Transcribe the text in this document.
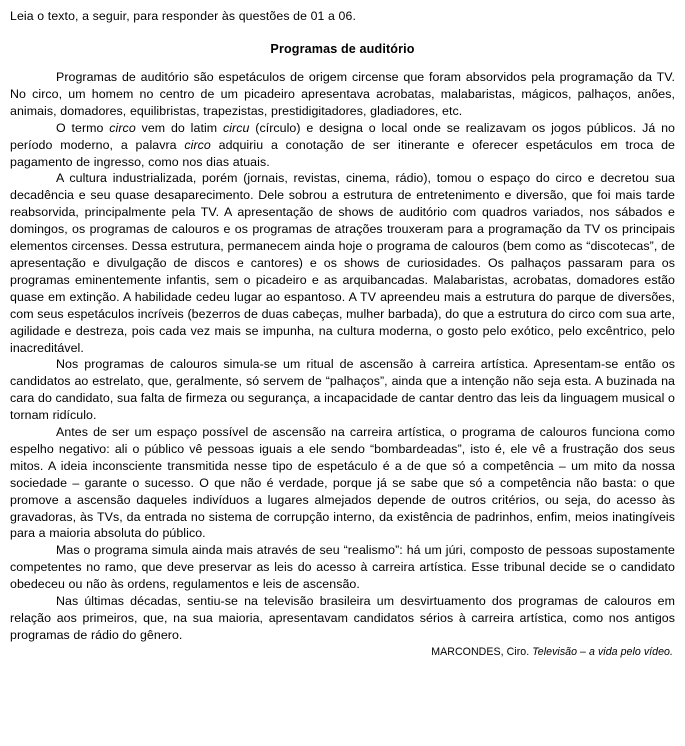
Leia o texto, a seguir, para responder às questões de 01 a 06.
Programas de auditório

Programas de auditório são espetáculos de origem circense que foram absorvidos pela programação da TV. No circo, um homem no centro de um picadeiro apresentava acrobatas, malabaristas, mágicos, palhaços, anões, animais, domadores, equilibristas, trapezistas, prestidigitadores, gladiadores, etc.

O termo circo vem do latim circu (círculo) e designa o local onde se realizavam os jogos públicos. Já no período moderno, a palavra circo adquiriu a conotação de ser itinerante e oferecer espetáculos em troca de pagamento de ingresso, como nos dias atuais.

A cultura industrializada, porém (jornais, revistas, cinema, rádio), tomou o espaço do circo e decretou sua decadência e seu quase desaparecimento. Dele sobrou a estrutura de entretenimento e diversão, que foi mais tarde reabsorvida, principalmente pela TV. A apresentação de shows de auditório com quadros variados, nos sábados e domingos, os programas de calouros e os programas de atrações trouxeram para a programação da TV os principais elementos circenses. Dessa estrutura, permanecem ainda hoje o programa de calouros (bem como as “discotecas”, de apresentação e divulgação de discos e cantores) e os shows de curiosidades. Os palhaços passaram para os programas eminentemente infantis, sem o picadeiro e as arquibancadas. Malabaristas, acrobatas, domadores estão quase em extinção. A habilidade cedeu lugar ao espantoso. A TV apreendeu mais a estrutura do parque de diversões, com seus espetáculos incríveis (bezerros de duas cabeças, mulher barbada), do que a estrutura do circo com sua arte, agilidade e destreza, pois cada vez mais se impunha, na cultura moderna, o gosto pelo exótico, pelo excêntrico, pelo inacreditável.

Nos programas de calouros simula-se um ritual de ascensão à carreira artística. Apresentam-se então os candidatos ao estrelato, que, geralmente, só servem de “palhaços”, ainda que a intenção não seja esta. A buzinada na cara do candidato, sua falta de firmeza ou segurança, a incapacidade de cantar dentro das leis da linguagem musical o tornam ridículo.

Antes de ser um espaço possível de ascensão na carreira artística, o programa de calouros funciona como espelho negativo: ali o público vê pessoas iguais a ele sendo “bombardeadas”, isto é, ele vê a frustração dos seus mitos. A ideia inconsciente transmitida nesse tipo de espetáculo é a de que só a competência – um mito da nossa sociedade – garante o sucesso. O que não é verdade, porque já se sabe que só a competência não basta: o que promove a ascensão daqueles indivíduos a lugares almejados depende de outros critérios, ou seja, do acesso às gravadoras, às TVs, da entrada no sistema de corrupção interno, da existência de padrinhos, enfim, meios inatingíveis para a maioria absoluta do público.

Mas o programa simula ainda mais através de seu “realismo”: há um júri, composto de pessoas supostamente competentes no ramo, que deve preservar as leis do acesso à carreira artística. Esse tribunal decide se o candidato obedeceu ou não às ordens, regulamentos e leis de ascensão.

Nas últimas décadas, sentiu-se na televisão brasileira um desvirtuamento dos programas de calouros em relação aos primeiros, que, na sua maioria, apresentavam candidatos sérios à carreira artística, como nos antigos programas de rádio do gênero.

MARCONDES, Ciro. Televisão – a vida pelo vídeo.
